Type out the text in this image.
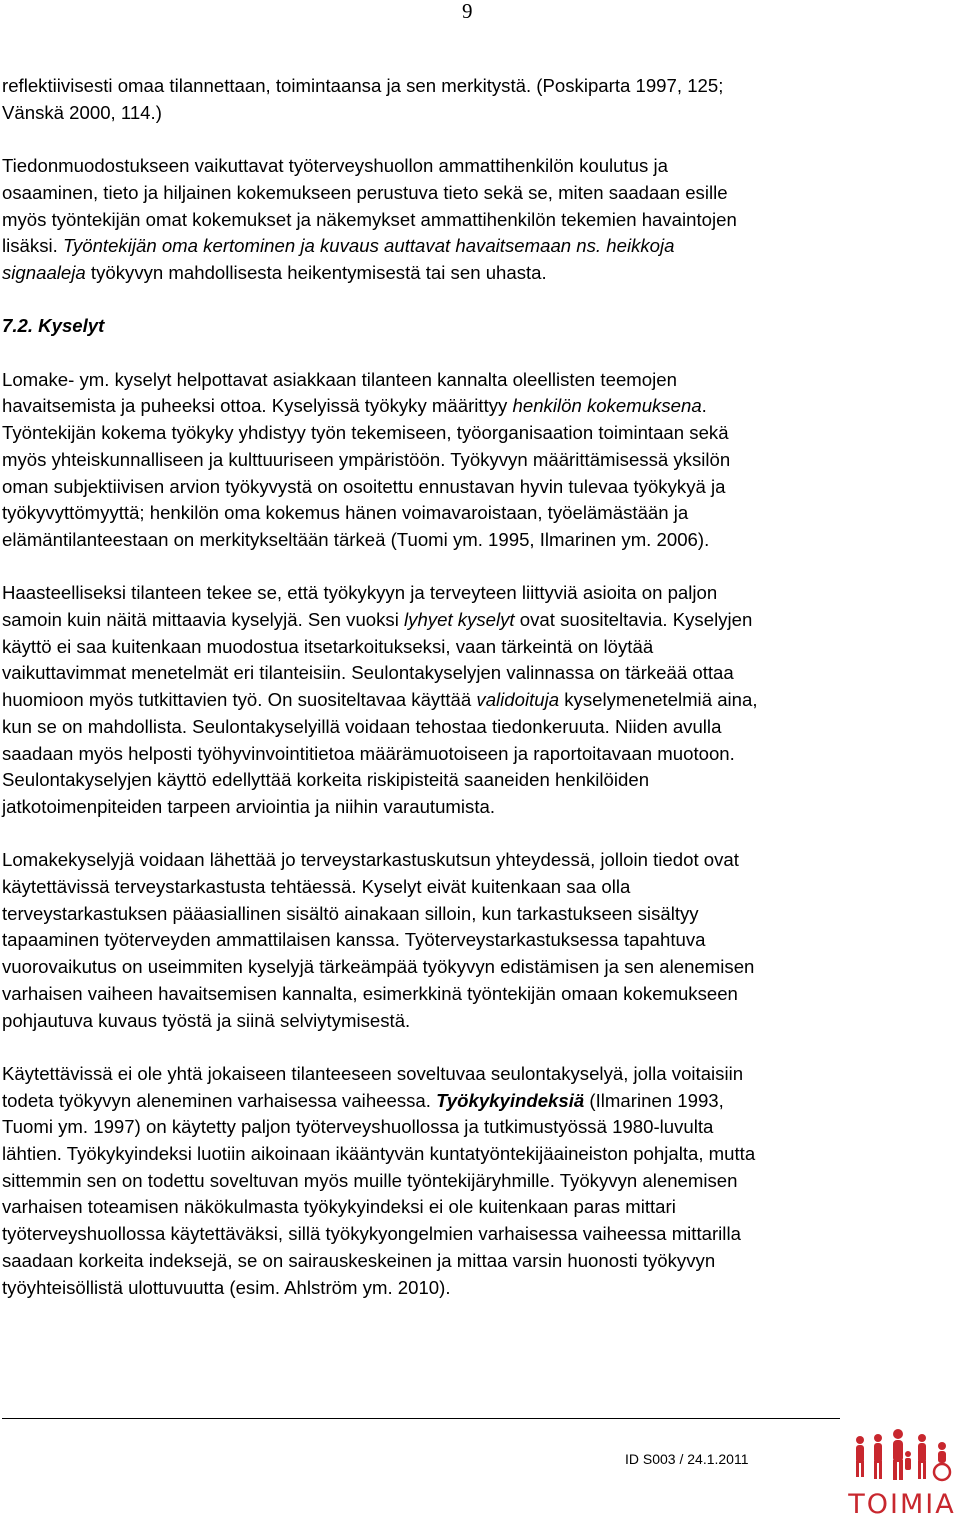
9

reflektiivisesti omaa tilannettaan, toimintaansa ja sen merkitystä. (Poskiparta 1997, 125;
Vänskä 2000, 114.)

Tiedonmuodostukseen vaikuttavat työterveyshuollon ammattihenkilön koulutus ja
osaaminen, tieto ja hiljainen kokemukseen perustuva tieto sekä se, miten saadaan esille
myös työntekijän omat kokemukset ja näkemykset ammattihenkilön tekemien havaintojen
lisäksi. Työntekijän oma kertominen ja kuvaus auttavat havaitsemaan ns. heikkoja
signaaleja työkyvyn mahdollisesta heikentymisestä tai sen uhasta.

7.2. Kyselyt

Lomake- ym. kyselyt helpottavat asiakkaan tilanteen kannalta oleellisten teemojen
havaitsemista ja puheeksi ottoa. Kyselyissä työkyky määrittyy henkilön kokemuksena.
Työntekijän kokema työkyky yhdistyy työn tekemiseen, työorganisaation toimintaan sekä
myös yhteiskunnalliseen ja kulttuuriseen ympäristöön. Työkyvyn määrittämisessä yksilön
oman subjektiivisen arvion työkyvystä on osoitettu ennustavan hyvin tulevaa työkykyä ja
työkyvyttömyyttä; henkilön oma kokemus hänen voimavaroistaan, työelämästään ja
elämäntilanteestaan on merkitykseltään tärkeä (Tuomi ym. 1995, Ilmarinen ym. 2006).

Haasteelliseksi tilanteen tekee se, että työkykyyn ja terveyteen liittyviä asioita on paljon
samoin kuin näitä mittaavia kyselyjä. Sen vuoksi lyhyet kyselyt ovat suositeltavia. Kyselyjen
käyttö ei saa kuitenkaan muodostua itsetarkoitukseksi, vaan tärkeintä on löytää
vaikuttavimmat menetelmät eri tilanteisiin. Seulontakyselyjen valinnassa on tärkeää ottaa
huomioon myös tutkittavien työ. On suositeltavaa käyttää validoituja kyselymenetelmiä aina,
kun se on mahdollista. Seulontakyselyillä voidaan tehostaa tiedonkeruuta. Niiden avulla
saadaan myös helposti työhyvinvointitietoa määrämuotoiseen ja raportoitavaan muotoon.
Seulontakyselyjen käyttö edellyttää korkeita riskipisteitä saaneiden henkilöiden
jatkotoimenpiteiden tarpeen arviointia ja niihin varautumista.

Lomakekyselyjä voidaan lähettää jo terveystarkastuskutsun yhteydessä, jolloin tiedot ovat
käytettävissä terveystarkastusta tehtäessä. Kyselyt eivät kuitenkaan saa olla
terveystarkastuksen pääasiallinen sisältö ainakaan silloin, kun tarkastukseen sisältyy
tapaaminen työterveyden ammattilaisen kanssa. Työterveystarkastuksessa tapahtuva
vuorovaikutus on useimmiten kyselyjä tärkeämpää työkyvyn edistämisen ja sen alenemisen
varhaisen vaiheen havaitsemisen kannalta, esimerkkinä työntekijän omaan kokemukseen
pohjautuva kuvaus työstä ja siinä selviytymisestä.

Käytettävissä ei ole yhtä jokaiseen tilanteeseen soveltuvaa seulontakyselyä, jolla voitaisiin
todeta työkyvyn aleneminen varhaisessa vaiheessa. Työkykyindeksiä (Ilmarinen 1993,
Tuomi ym. 1997) on käytetty paljon työterveyshuollossa ja tutkimustyössä 1980-luvulta
lähtien. Työkykyindeksi luotiin aikoinaan ikääntyvän kuntatyöntekijäaineiston pohjalta, mutta
sittemmin sen on todettu soveltuvan myös muille työntekijäryhmille. Työkyvyn alenemisen
varhaisen toteamisen näkökulmasta työkykyindeksi ei ole kuitenkaan paras mittari
työterveyshuollossa käytettäväksi, sillä työkykyongelmien varhaisessa vaiheessa mittarilla
saadaan korkeita indeksejä, se on sairauskeskeinen ja mittaa varsin huonosti työkyvyn
työyhteisöllistä ulottuvuutta (esim. Ahlström ym. 2010).

ID S003 / 24.1.2011
TOIMIA
